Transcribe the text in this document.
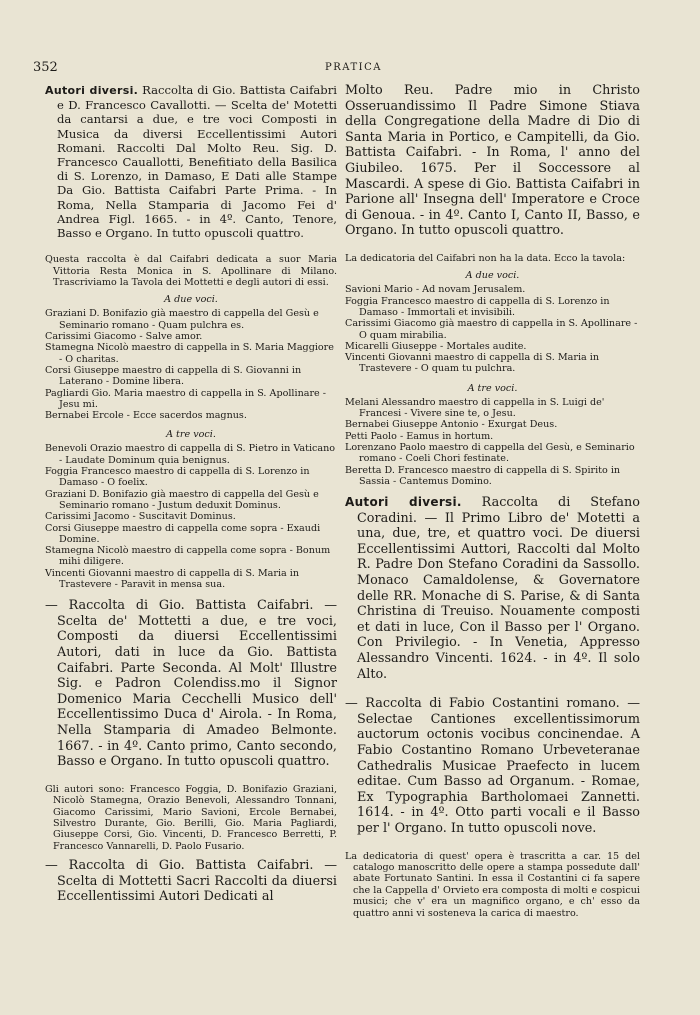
352	PRATICA

Autori diversi. Raccolta di Gio. Battista Caifabri e D. Francesco Cavallotti. — Scelta de' Motetti da cantarsi a due, e tre voci Composti in Musica da diversi Eccellentissimi Autori Romani. Raccolti Dal Molto Reu. Sig. D. Francesco Cauallotti, Benefitiato della Basilica di S. Lorenzo, in Damaso, E Dati alle Stampe Da Gio. Battista Caifabri Parte Prima. - In Roma, Nella Stamparia di Jacomo Fei d' Andrea Figl. 1665. - in 4º. Canto, Tenore, Basso e Organo. In tutto opuscoli quattro.

Questa raccolta è dal Caifabri dedicata a suor Maria Vittoria Resta Monica in S. Apollinare di Milano. Trascriviamo la Tavola dei Mottetti e degli autori di essi.

A due voci.
Graziani D. Bonifazio già maestro di cappella del Gesù e Seminario romano - Quam pulchra es.
Carissimi Giacomo - Salve amor.
Stamegna Nicolò maestro di cappella in S. Maria Maggiore - O charitas.
Corsi Giuseppe maestro di cappella di S. Giovanni in Laterano - Domine libera.
Pagliardi Gio. Maria maestro di cappella in S. Apollinare - Jesu mi.
Bernabei Ercole - Ecce sacerdos magnus.
A tre voci.
Benevoli Orazio maestro di cappella di S. Pietro in Vaticano - Laudate Dominum quia benignus.
Foggia Francesco maestro di cappella di S. Lorenzo in Damaso - O foelix.
Graziani D. Bonifazio già maestro di cappella del Gesù e Seminario romano - Justum deduxit Dominus.
Carissimi Jacomo - Suscitavit Dominus.
Corsi Giuseppe maestro di cappella come sopra - Exaudi Domine.
Stamegna Nicolò maestro di cappella come sopra - Bonum mihi diligere.
Vincenti Giovanni maestro di cappella di S. Maria in Trastevere - Paravit in mensa sua.

— Raccolta di Gio. Battista Caifabri. — Scelta de' Mottetti a due, e tre voci, Composti da diuersi Eccellentissimi Autori, dati in luce da Gio. Battista Caifabri. Parte Seconda. Al Molt' Illustre Sig. e Padron Colendiss.mo il Signor Domenico Maria Cecchelli Musico dell' Eccellentissimo Duca d' Airola. - In Roma, Nella Stamparia di Amadeo Belmonte. 1667. - in 4º. Canto primo, Canto secondo, Basso e Organo. In tutto opuscoli quattro.

Gli autori sono: Francesco Foggia, D. Bonifazio Graziani, Nicolò Stamegna, Orazio Benevoli, Alessandro Tonnani, Giacomo Carissimi, Mario Savioni, Ercole Bernabei, Silvestro Durante, Gio. Berilli, Gio. Maria Pagliardi, Giuseppe Corsi, Gio. Vincenti, D. Francesco Berretti, P. Francesco Vannarelli, D. Paolo Fusario.

— Raccolta di Gio. Battista Caifabri. — Scelta di Mottetti Sacri Raccolti da diuersi Eccellentissimi Autori Dedicati al

Molto Reu. Padre mio in Christo Osseruandissimo Il Padre Simone Stiava della Congregatione della Madre di Dio di Santa Maria in Portico, e Campitelli, da Gio. Battista Caifabri. - In Roma, l' anno del Giubileo. 1675. Per il Soccessore al Mascardi. A spese di Gio. Battista Caifabri in Parione all' Insegna dell' Imperatore e Croce di Genoua. - in 4º. Canto I, Canto II, Basso, e Organo. In tutto opuscoli quattro.

La dedicatoria del Caifabri non ha la data. Ecco la tavola:

A due voci.
Savioni Mario - Ad novam Jerusalem.
Foggia Francesco maestro di cappella di S. Lorenzo in Damaso - Immortali et invisibili.
Carissimi Giacomo già maestro di cappella in S. Apollinare - O quam mirabilia.
Micarelli Giuseppe - Mortales audite.
Vincenti Giovanni maestro di cappella di S. Maria in Trastevere - O quam tu pulchra.
A tre voci.
Melani Alessandro maestro di cappella in S. Luigi de' Francesi - Vivere sine te, o Jesu.
Bernabei Giuseppe Antonio - Exurgat Deus.
Petti Paolo - Eamus in hortum.
Lorenzano Paolo maestro di cappella del Gesù, e Seminario romano - Coeli Chori festinate.
Beretta D. Francesco maestro di cappella di S. Spirito in Sassia - Cantemus Domino.

Autori diversi. Raccolta di Stefano Coradini. — Il Primo Libro de' Motetti a una, due, tre, et quattro voci. De diuersi Eccellentissimi Auttori, Raccolti dal Molto R. Padre Don Stefano Coradini da Sassollo. Monaco Camaldolense, & Governatore delle RR. Monache di S. Parise, & di Santa Christina di Treuiso. Nouamente composti et dati in luce, Con il Basso per l' Organo. Con Privilegio. - In Venetia, Appresso Alessandro Vincenti. 1624. - in 4º. Il solo Alto.

— Raccolta di Fabio Costantini romano. — Selectae Cantiones excellentissimorum auctorum octonis vocibus concinendae. A Fabio Costantino Romano Urbeveteranae Cathedralis Musicae Praefecto in lucem editae. Cum Basso ad Organum. - Romae, Ex Typographia Bartholomaei Zannetti. 1614. - in 4º. Otto parti vocali e il Basso per l' Organo. In tutto opuscoli nove.

La dedicatoria di quest' opera è trascritta a car. 15 del catalogo manoscritto delle opere a stampa possedute dall' abate Fortunato Santini. In essa il Costantini ci fa sapere che la Cappella d' Orvieto era composta di molti e cospicui musici; che v' era un magnifico organo, e ch' esso da quattro anni vi sosteneva la carica di maestro.
